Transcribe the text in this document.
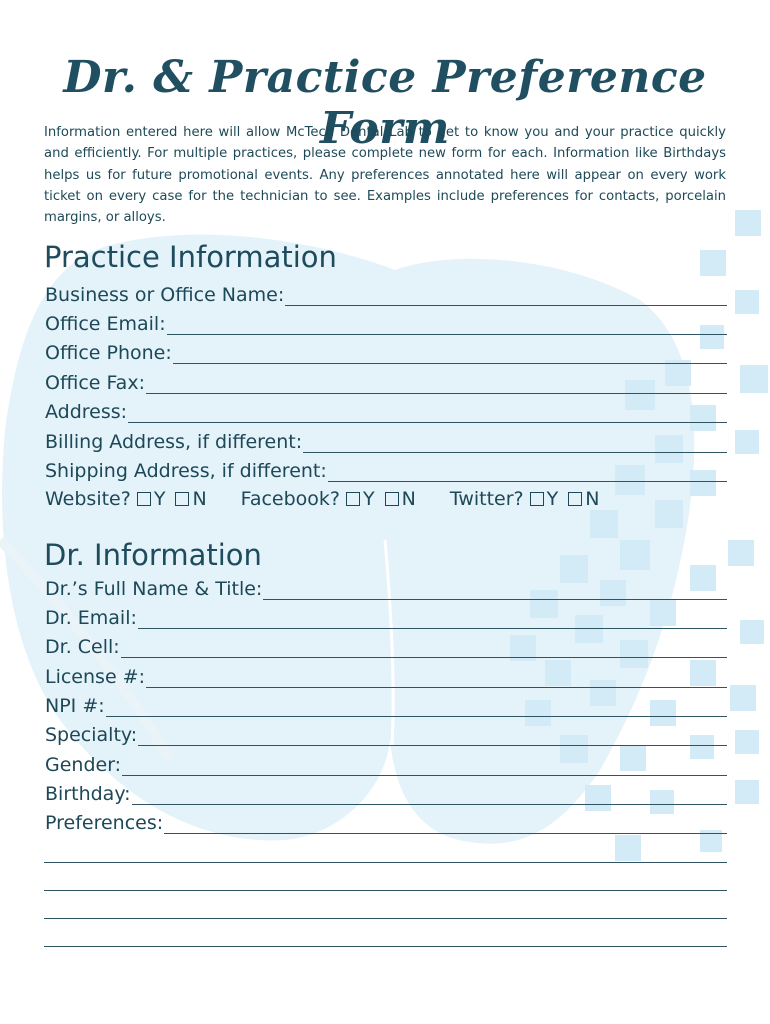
Dr. & Practice Preference Form

Information entered here will allow McTech Dental Lab to get to know you and your practice quickly and efficiently. For multiple practices, please complete new form for each. Information like Birthdays helps us for future promotional events. Any preferences annotated here will appear on every work ticket on every case for the technician to see. Examples include preferences for contacts, porcelain margins, or alloys.

Practice Information
Business or Office Name:
Office Email:
Office Phone:
Office Fax:
Address:
Billing Address, if different:
Shipping Address, if different:
Website? Y N Facebook? Y N Twitter? Y N
Dr. Information
Dr.’s Full Name & Title:
Dr. Email:
Dr. Cell:
License #:
NPI #:
Specialty:
Gender:
Birthday:
Preferences:
